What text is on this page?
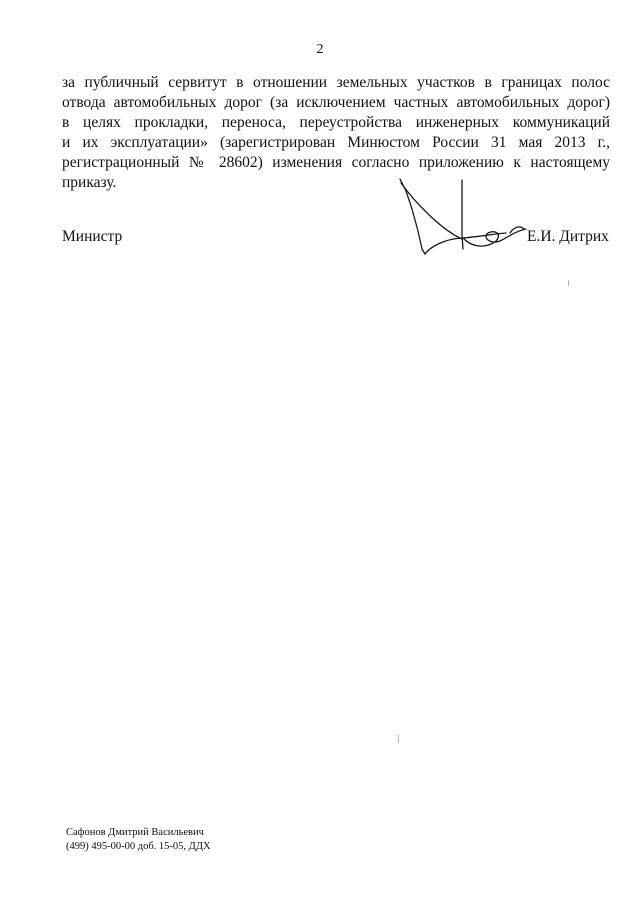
2
за публичный сервитут в отношении земельных участков в границах полос
отвода автомобильных дорог (за исключением частных автомобильных дорог)
в целях прокладки, переноса, переустройства инженерных коммуникаций
и их эксплуатации» (зарегистрирован Минюстом России 31 мая 2013 г.,
регистрационный № 28602) изменения согласно приложению к настоящему
приказу.
Министр	Е.И. Дитрих
Сафонов Дмитрий Васильевич
(499) 495-00-00 доб. 15-05, ДДХ
